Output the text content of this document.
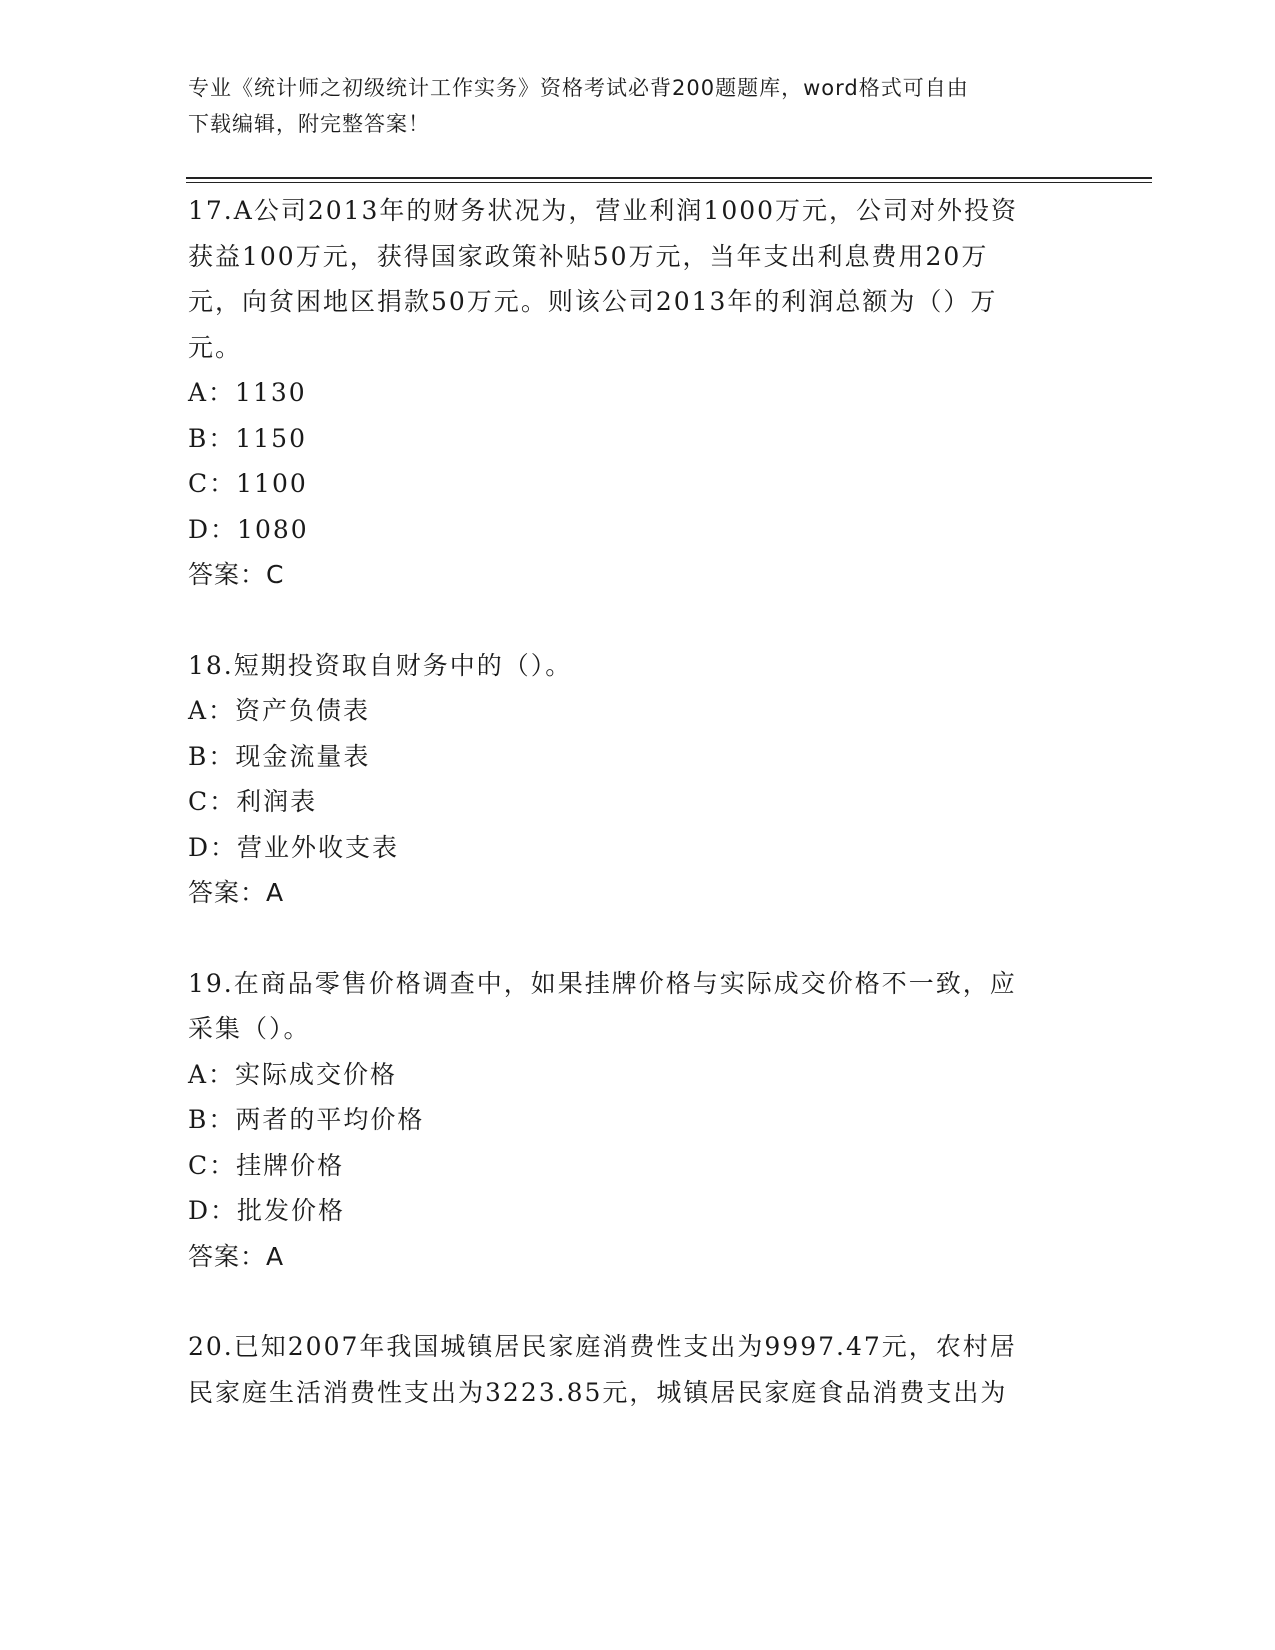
专业《统计师之初级统计工作实务》资格考试必背200题题库，word格式可自由
下载编辑，附完整答案！

17.A公司2013年的财务状况为，营业利润1000万元，公司对外投资

获益100万元，获得国家政策补贴50万元，当年支出利息费用20万

元，向贫困地区捐款50万元。则该公司2013年的利润总额为（）万

元。

A：1130

B：1150

C：1100

D：1080

答案：C

18.短期投资取自财务中的（）。

A：资产负债表

B：现金流量表

C：利润表

D：营业外收支表

答案：A

19.在商品零售价格调查中，如果挂牌价格与实际成交价格不一致，应

采集（）。

A：实际成交价格

B：两者的平均价格

C：挂牌价格

D：批发价格

答案：A

20.已知2007年我国城镇居民家庭消费性支出为9997.47元，农村居

民家庭生活消费性支出为3223.85元，城镇居民家庭食品消费支出为
